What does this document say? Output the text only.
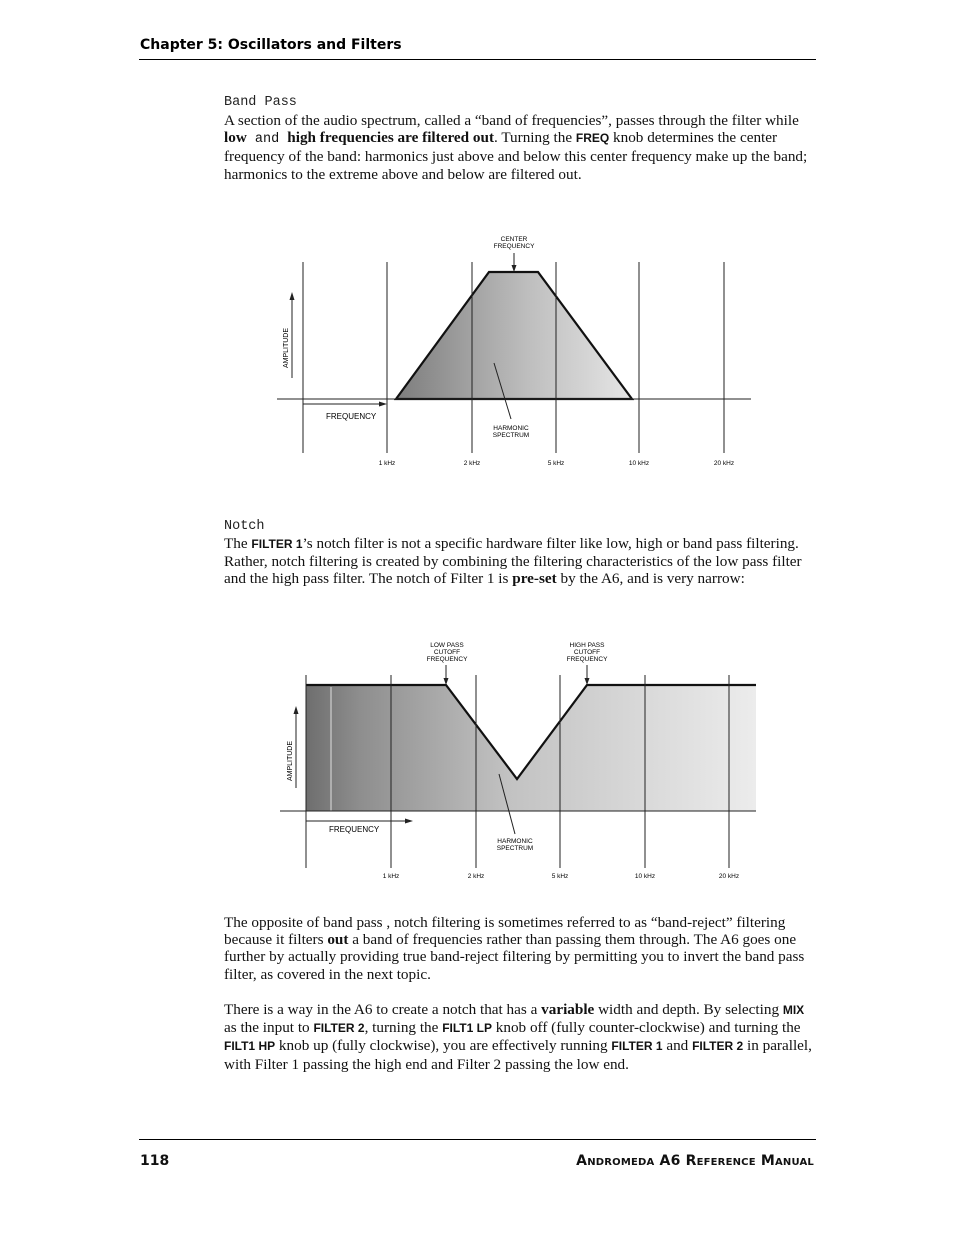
Chapter 5: Oscillators and Filters
Band Pass
A section of the audio spectrum, called a “band of frequencies”, passes through the filter while low and high frequencies are filtered out. Turning the FREQ knob determines the center frequency of the band: harmonics just above and below this center frequency make up the band; harmonics to the extreme above and below are filtered out.
CENTER
FREQUENCY
AMPLITUDE
FREQUENCY
HARMONIC
SPECTRUM
1 kHz	2 kHz	5 kHz	10 kHz	20 kHz
Notch
The FILTER 1’s notch filter is not a specific hardware filter like low, high or band pass filtering. Rather, notch filtering is created by combining the filtering characteristics of the low pass filter and the high pass filter. The notch of Filter 1 is pre-set by the A6, and is very narrow:
LOW PASS
CUTOFF
FREQUENCY
HIGH PASS
CUTOFF
FREQUENCY
AMPLITUDE
FREQUENCY
HARMONIC
SPECTRUM
1 kHz	2 kHz	5 kHz	10 kHz	20 kHz
The opposite of band pass , notch filtering is sometimes referred to as “band-reject” filtering because it filters out a band of frequencies rather than passing them through. The A6 goes one further by actually providing true band-reject filtering by permitting you to invert the band pass filter, as covered in the next topic.
There is a way in the A6 to create a notch that has a variable width and depth. By selecting MIX as the input to FILTER 2, turning the FILT1 LP knob off (fully counter-clockwise) and turning the FILT1 HP knob up (fully clockwise), you are effectively running FILTER 1 and FILTER 2 in parallel, with Filter 1 passing the high end and Filter 2 passing the low end.
118	Andromeda A6 Reference Manual
